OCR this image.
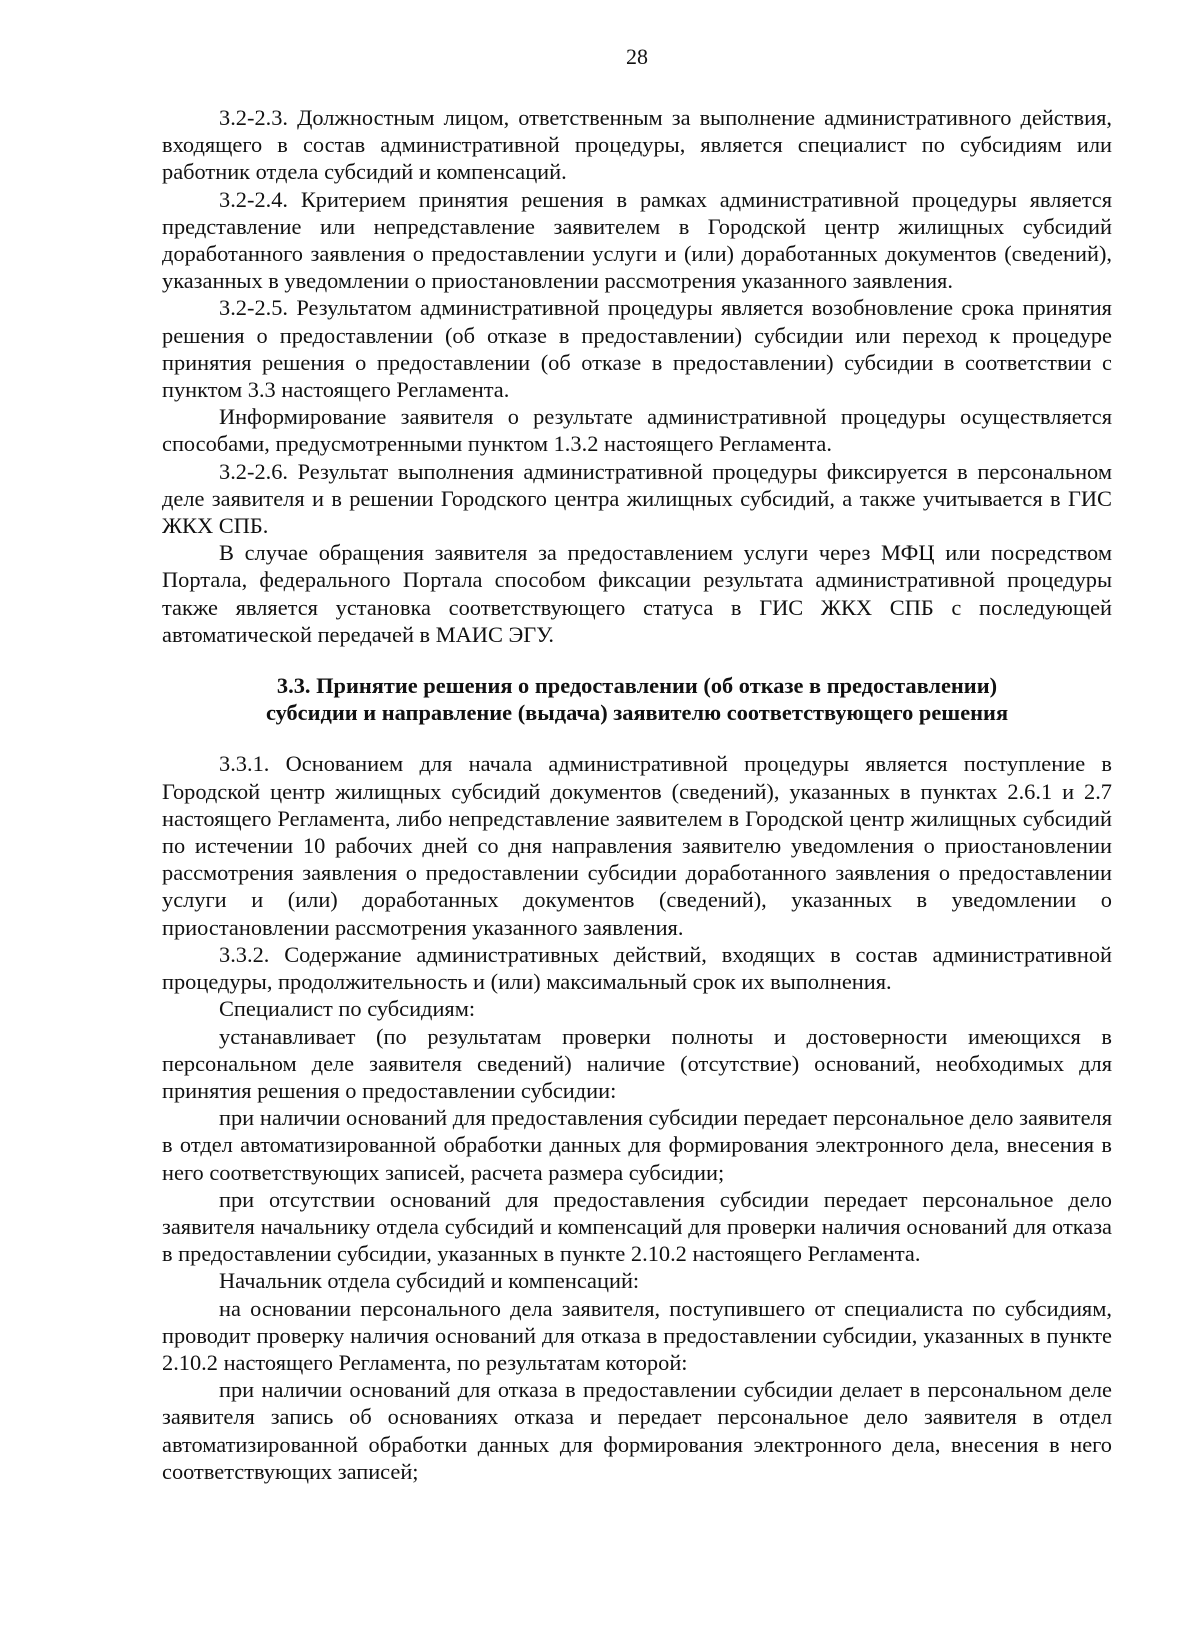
28

3.2-2.3. Должностным лицом, ответственным за выполнение административного действия, входящего в состав административной процедуры, является специалист по субсидиям или работник отдела субсидий и компенсаций.

3.2-2.4. Критерием принятия решения в рамках административной процедуры является представление или непредставление заявителем в Городской центр жилищных субсидий доработанного заявления о предоставлении услуги и (или) доработанных документов (сведений), указанных в уведомлении о приостановлении рассмотрения указанного заявления.

3.2-2.5. Результатом административной процедуры является возобновление срока принятия решения о предоставлении (об отказе в предоставлении) субсидии или переход к процедуре принятия решения о предоставлении (об отказе в предоставлении) субсидии в соответствии с пунктом 3.3 настоящего Регламента.

Информирование заявителя о результате административной процедуры осуществляется способами, предусмотренными пунктом 1.3.2 настоящего Регламента.

3.2-2.6. Результат выполнения административной процедуры фиксируется в персональном деле заявителя и в решении Городского центра жилищных субсидий, а также учитывается в ГИС ЖКХ СПБ.

В случае обращения заявителя за предоставлением услуги через МФЦ или посредством Портала, федерального Портала способом фиксации результата административной процедуры также является установка соответствующего статуса в ГИС ЖКХ СПБ с последующей автоматической передачей в МАИС ЭГУ.

3.3. Принятие решения о предоставлении (об отказе в предоставлении)
субсидии и направление (выдача) заявителю соответствующего решения

3.3.1. Основанием для начала административной процедуры является поступление в Городской центр жилищных субсидий документов (сведений), указанных в пунктах 2.6.1 и 2.7 настоящего Регламента, либо непредставление заявителем в Городской центр жилищных субсидий по истечении 10 рабочих дней со дня направления заявителю уведомления о приостановлении рассмотрения заявления о предоставлении субсидии доработанного заявления о предоставлении услуги и (или) доработанных документов (сведений), указанных в уведомлении о приостановлении рассмотрения указанного заявления.

3.3.2. Содержание административных действий, входящих в состав административной процедуры, продолжительность и (или) максимальный срок их выполнения.

Специалист по субсидиям:

устанавливает (по результатам проверки полноты и достоверности имеющихся в персональном деле заявителя сведений) наличие (отсутствие) оснований, необходимых для принятия решения о предоставлении субсидии:

при наличии оснований для предоставления субсидии передает персональное дело заявителя в отдел автоматизированной обработки данных для формирования электронного дела, внесения в него соответствующих записей, расчета размера субсидии;

при отсутствии оснований для предоставления субсидии передает персональное дело заявителя начальнику отдела субсидий и компенсаций для проверки наличия оснований для отказа в предоставлении субсидии, указанных в пункте 2.10.2 настоящего Регламента.

Начальник отдела субсидий и компенсаций:

на основании персонального дела заявителя, поступившего от специалиста по субсидиям, проводит проверку наличия оснований для отказа в предоставлении субсидии, указанных в пункте 2.10.2 настоящего Регламента, по результатам которой:

при наличии оснований для отказа в предоставлении субсидии делает в персональном деле заявителя запись об основаниях отказа и передает персональное дело заявителя в отдел автоматизированной обработки данных для формирования электронного дела, внесения в него соответствующих записей;
